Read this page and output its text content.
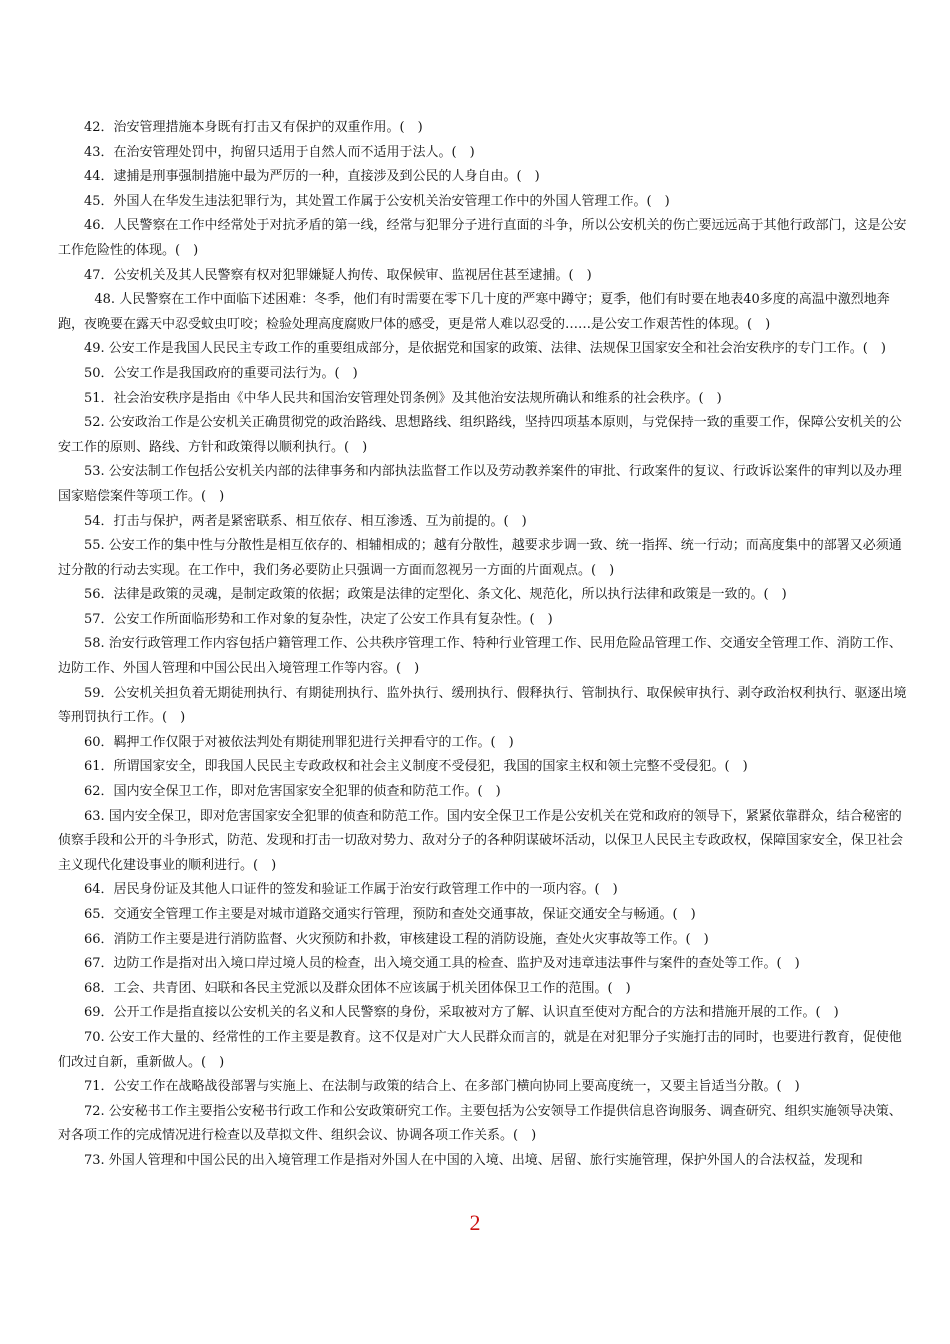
42．治安管理措施本身既有打击又有保护的双重作用。(　)

43．在治安管理处罚中，拘留只适用于自然人而不适用于法人。(　)

44．逮捕是刑事强制措施中最为严厉的一种，直接涉及到公民的人身自由。(　)

45．外国人在华发生违法犯罪行为，其处置工作属于公安机关治安管理工作中的外国人管理工作。(　)

46．人民警察在工作中经常处于对抗矛盾的第一线，经常与犯罪分子进行直面的斗争，所以公安机关的伤亡要远远高于其他行政部门，这是公安工作危险性的体现。(　)

47．公安机关及其人民警察有权对犯罪嫌疑人拘传、取保候审、监视居住甚至逮捕。(　)

48. 人民警察在工作中面临下述困难：冬季，他们有时需要在零下几十度的严寒中蹲守；夏季，他们有时要在地表40多度的高温中激烈地奔跑，夜晚要在露天中忍受蚊虫叮咬；检验处理高度腐败尸体的感受，更是常人难以忍受的……是公安工作艰苦性的体现。(　)

49. 公安工作是我国人民民主专政工作的重要组成部分，是依据党和国家的政策、法律、法规保卫国家安全和社会治安秩序的专门工作。(　)

50．公安工作是我国政府的重要司法行为。(　)

51．社会治安秩序是指由《中华人民共和国治安管理处罚条例》及其他治安法规所确认和维系的社会秩序。(　)

52. 公安政治工作是公安机关正确贯彻党的政治路线、思想路线、组织路线，坚持四项基本原则，与党保持一致的重要工作，保障公安机关的公安工作的原则、路线、方针和政策得以顺利执行。(　)

53. 公安法制工作包括公安机关内部的法律事务和内部执法监督工作以及劳动教养案件的审批、行政案件的复议、行政诉讼案件的审判以及办理国家赔偿案件等项工作。(　)

54．打击与保护，两者是紧密联系、相互依存、相互渗透、互为前提的。(　)

55. 公安工作的集中性与分散性是相互依存的、相辅相成的；越有分散性，越要求步调一致、统一指挥、统一行动；而高度集中的部署又必须通过分散的行动去实现。在工作中，我们务必要防止只强调一方面而忽视另一方面的片面观点。(　)

56．法律是政策的灵魂，是制定政策的依据；政策是法律的定型化、条文化、规范化，所以执行法律和政策是一致的。(　)

57．公安工作所面临形势和工作对象的复杂性，决定了公安工作具有复杂性。(　)

58. 治安行政管理工作内容包括户籍管理工作、公共秩序管理工作、特种行业管理工作、民用危险品管理工作、交通安全管理工作、消防工作、边防工作、外国人管理和中国公民出入境管理工作等内容。(　)

59．公安机关担负着无期徒刑执行、有期徒刑执行、监外执行、缓刑执行、假释执行、管制执行、取保候审执行、剥夺政治权利执行、驱逐出境等刑罚执行工作。(　)

60．羁押工作仅限于对被依法判处有期徒刑罪犯进行关押看守的工作。(　)

61．所谓国家安全，即我国人民民主专政政权和社会主义制度不受侵犯，我国的国家主权和领土完整不受侵犯。(　)

62．国内安全保卫工作，即对危害国家安全犯罪的侦查和防范工作。(　)

63. 国内安全保卫，即对危害国家安全犯罪的侦查和防范工作。国内安全保卫工作是公安机关在党和政府的领导下，紧紧依靠群众，结合秘密的侦察手段和公开的斗争形式，防范、发现和打击一切敌对势力、敌对分子的各种阴谋破坏活动，以保卫人民民主专政政权，保障国家安全，保卫社会主义现代化建设事业的顺利进行。(　)

64．居民身份证及其他人口证件的签发和验证工作属于治安行政管理工作中的一项内容。(　)

65．交通安全管理工作主要是对城市道路交通实行管理，预防和查处交通事故，保证交通安全与畅通。(　)

66．消防工作主要是进行消防监督、火灾预防和扑救，审核建设工程的消防设施，查处火灾事故等工作。(　)

67．边防工作是指对出入境口岸过境人员的检查，出入境交通工具的检查、监护及对违章违法事件与案件的查处等工作。(　)

68．工会、共青团、妇联和各民主党派以及群众团体不应该属于机关团体保卫工作的范围。(　)

69．公开工作是指直接以公安机关的名义和人民警察的身份，采取被对方了解、认识直至使对方配合的方法和措施开展的工作。(　)

70. 公安工作大量的、经常性的工作主要是教育。这不仅是对广大人民群众而言的，就是在对犯罪分子实施打击的同时，也要进行教育，促使他们改过自新，重新做人。(　)

71．公安工作在战略战役部署与实施上、在法制与政策的结合上、在多部门横向协同上要高度统一，又要主旨适当分散。(　)

72. 公安秘书工作主要指公安秘书行政工作和公安政策研究工作。主要包括为公安领导工作提供信息咨询服务、调查研究、组织实施领导决策、对各项工作的完成情况进行检查以及草拟文件、组织会议、协调各项工作关系。(　)

73. 外国人管理和中国公民的出入境管理工作是指对外国人在中国的入境、出境、居留、旅行实施管理，保护外国人的合法权益，发现和

2
